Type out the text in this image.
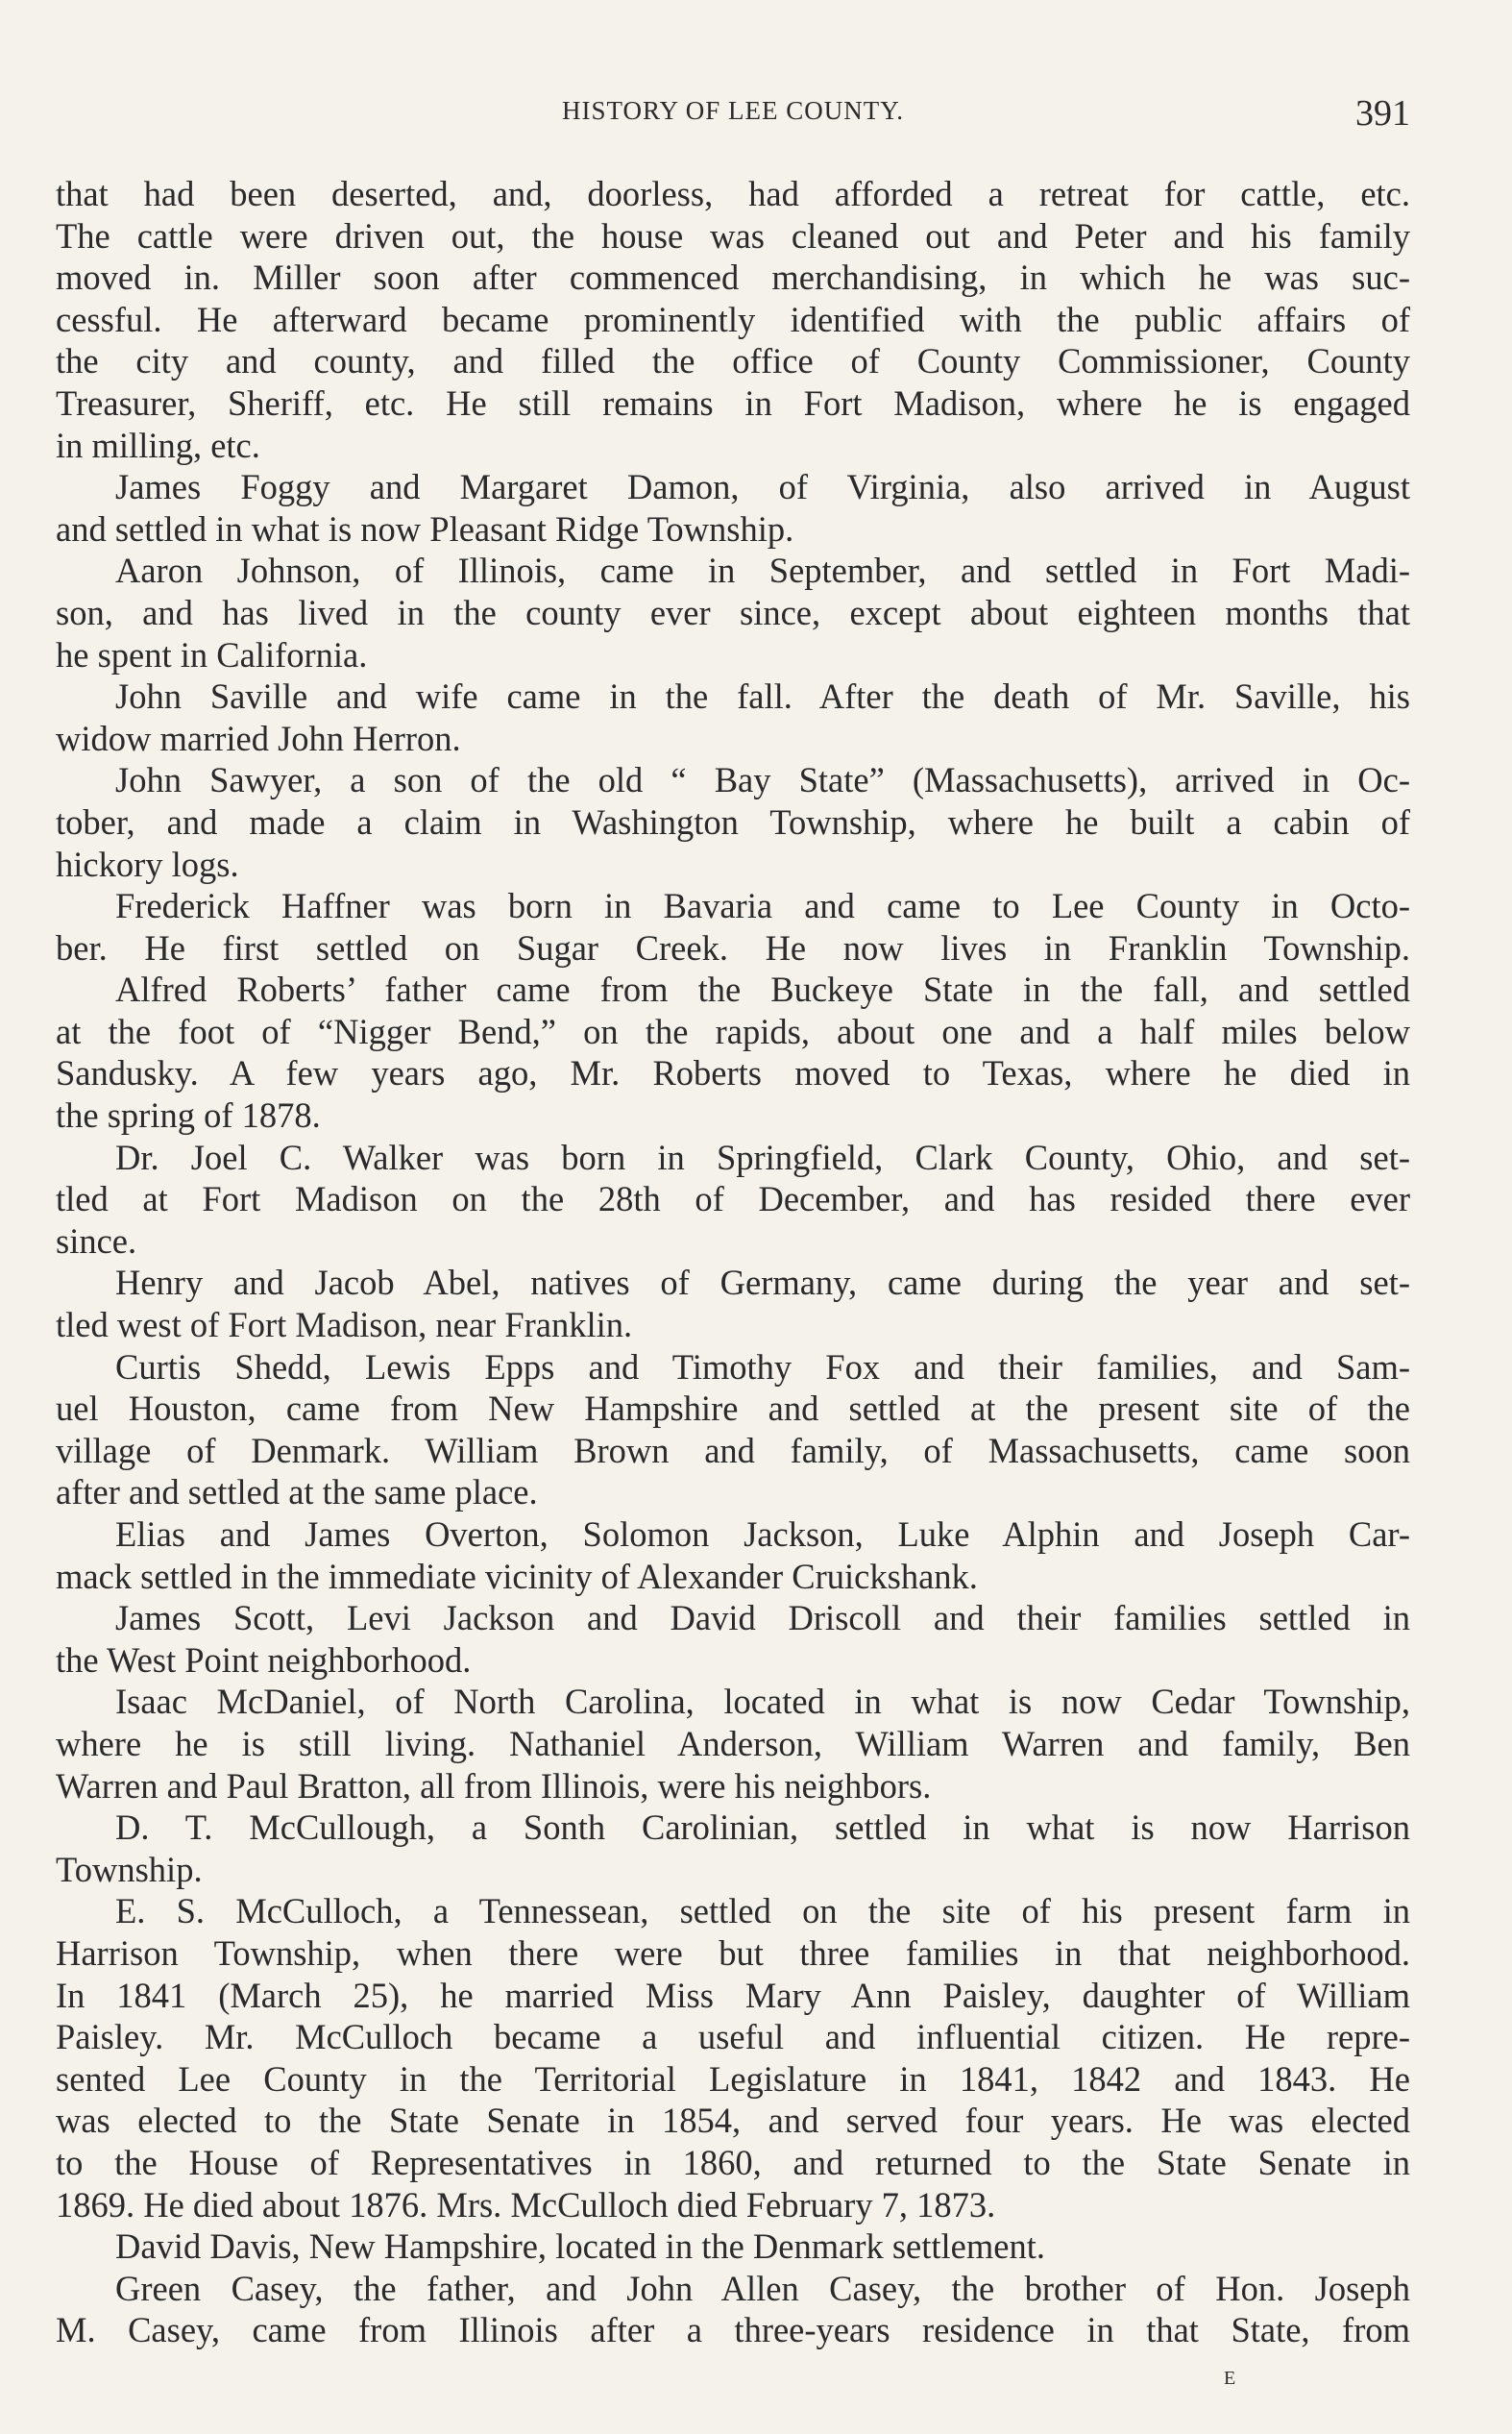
HISTORY OF LEE COUNTY.	391
that had been deserted, and, doorless, had afforded a retreat for cattle, etc.
The cattle were driven out, the house was cleaned out and Peter and his family
moved in. Miller soon after commenced merchandising, in which he was suc-
cessful. He afterward became prominently identified with the public affairs of
the city and county, and filled the office of County Commissioner, County
Treasurer, Sheriff, etc. He still remains in Fort Madison, where he is engaged
in milling, etc.
James Foggy and Margaret Damon, of Virginia, also arrived in August
and settled in what is now Pleasant Ridge Township.
Aaron Johnson, of Illinois, came in September, and settled in Fort Madi-
son, and has lived in the county ever since, except about eighteen months that
he spent in California.
John Saville and wife came in the fall. After the death of Mr. Saville, his
widow married John Herron.
John Sawyer, a son of the old “ Bay State” (Massachusetts), arrived in Oc-
tober, and made a claim in Washington Township, where he built a cabin of
hickory logs.
Frederick Haffner was born in Bavaria and came to Lee County in Octo-
ber. He first settled on Sugar Creek. He now lives in Franklin Township.
Alfred Roberts’ father came from the Buckeye State in the fall, and settled
at the foot of “Nigger Bend,” on the rapids, about one and a half miles below
Sandusky. A few years ago, Mr. Roberts moved to Texas, where he died in
the spring of 1878.
Dr. Joel C. Walker was born in Springfield, Clark County, Ohio, and set-
tled at Fort Madison on the 28th of December, and has resided there ever
since.
Henry and Jacob Abel, natives of Germany, came during the year and set-
tled west of Fort Madison, near Franklin.
Curtis Shedd, Lewis Epps and Timothy Fox and their families, and Sam-
uel Houston, came from New Hampshire and settled at the present site of the
village of Denmark. William Brown and family, of Massachusetts, came soon
after and settled at the same place.
Elias and James Overton, Solomon Jackson, Luke Alphin and Joseph Car-
mack settled in the immediate vicinity of Alexander Cruickshank.
James Scott, Levi Jackson and David Driscoll and their families settled in
the West Point neighborhood.
Isaac McDaniel, of North Carolina, located in what is now Cedar Township,
where he is still living. Nathaniel Anderson, William Warren and family, Ben
Warren and Paul Bratton, all from Illinois, were his neighbors.
D. T. McCullough, a Sonth Carolinian, settled in what is now Harrison
Township.
E. S. McCulloch, a Tennessean, settled on the site of his present farm in
Harrison Township, when there were but three families in that neighborhood.
In 1841 (March 25), he married Miss Mary Ann Paisley, daughter of William
Paisley. Mr. McCulloch became a useful and influential citizen. He repre-
sented Lee County in the Territorial Legislature in 1841, 1842 and 1843. He
was elected to the State Senate in 1854, and served four years. He was elected
to the House of Representatives in 1860, and returned to the State Senate in
1869. He died about 1876. Mrs. McCulloch died February 7, 1873.
David Davis, New Hampshire, located in the Denmark settlement.
Green Casey, the father, and John Allen Casey, the brother of Hon. Joseph
M. Casey, came from Illinois after a three-years residence in that State, from
E
